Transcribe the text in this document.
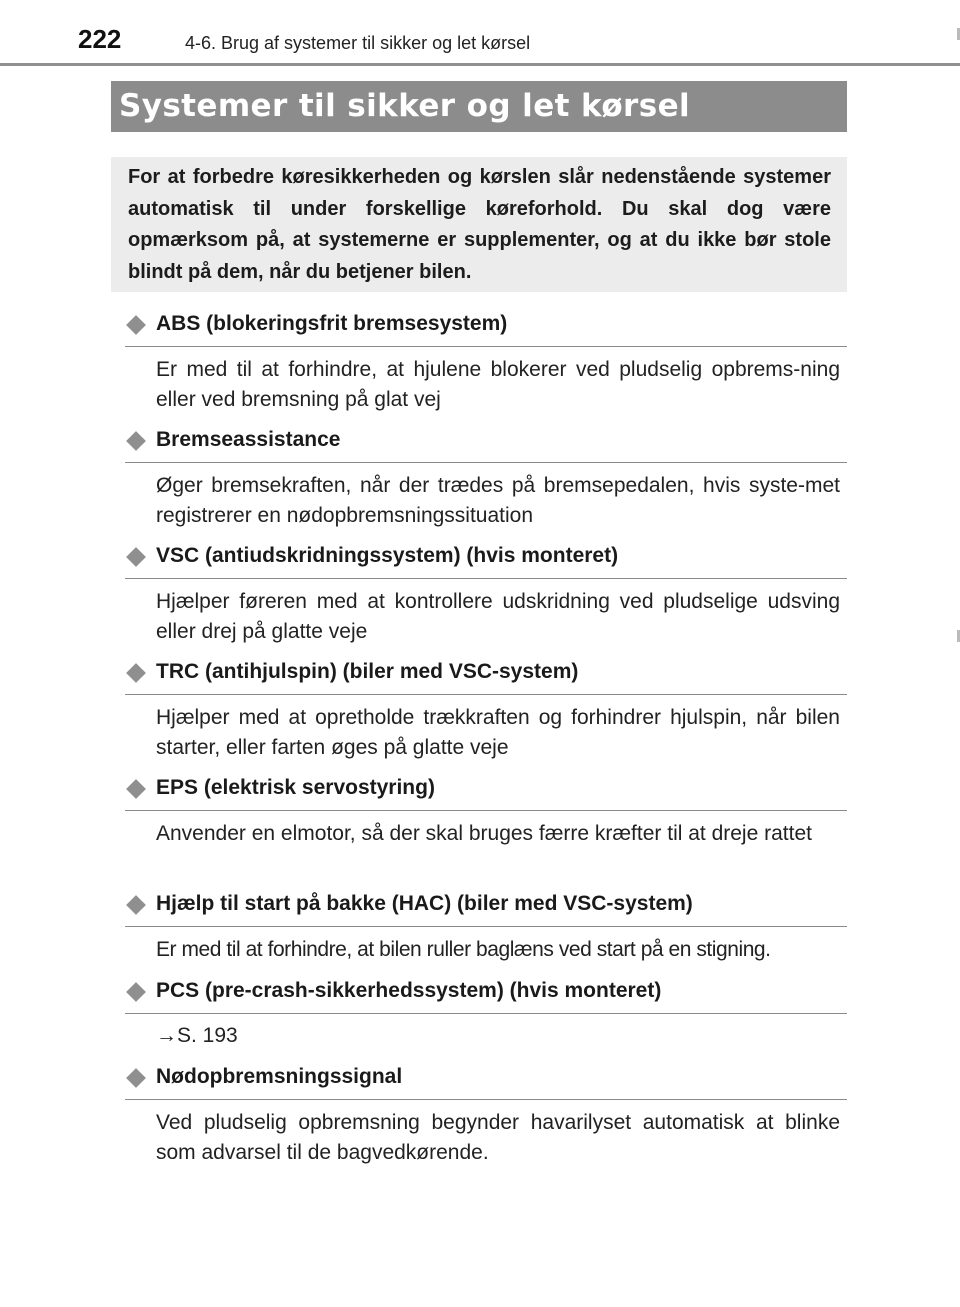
222	4-6. Brug af systemer til sikker og let kørsel
Systemer til sikker og let kørsel

For at forbedre køresikkerheden og kørslen slår nedenstående systemer automatisk til under forskellige køreforhold. Du skal dog være opmærksom på, at systemerne er supplementer, og at du ikke bør stole blindt på dem, når du betjener bilen.

ABS (blokeringsfrit bremsesystem)

Er med til at forhindre, at hjulene blokerer ved pludselig opbrems-ning eller ved bremsning på glat vej

Bremseassistance

Øger bremsekraften, når der trædes på bremsepedalen, hvis syste-met registrerer en nødopbremsningssituation

VSC (antiudskridningssystem) (hvis monteret)

Hjælper føreren med at kontrollere udskridning ved pludselige udsving eller drej på glatte veje

TRC (antihjulspin) (biler med VSC-system)

Hjælper med at opretholde trækkraften og forhindrer hjulspin, når bilen starter, eller farten øges på glatte veje

EPS (elektrisk servostyring)

Anvender en elmotor, så der skal bruges færre kræfter til at dreje rattet

Hjælp til start på bakke (HAC) (biler med VSC-system)

Er med til at forhindre, at bilen ruller baglæns ved start på en stigning.

PCS (pre-crash-sikkerhedssystem) (hvis monteret)

→S. 193

Nødopbremsningssignal

Ved pludselig opbremsning begynder havarilyset automatisk at blinke som advarsel til de bagvedkørende.
